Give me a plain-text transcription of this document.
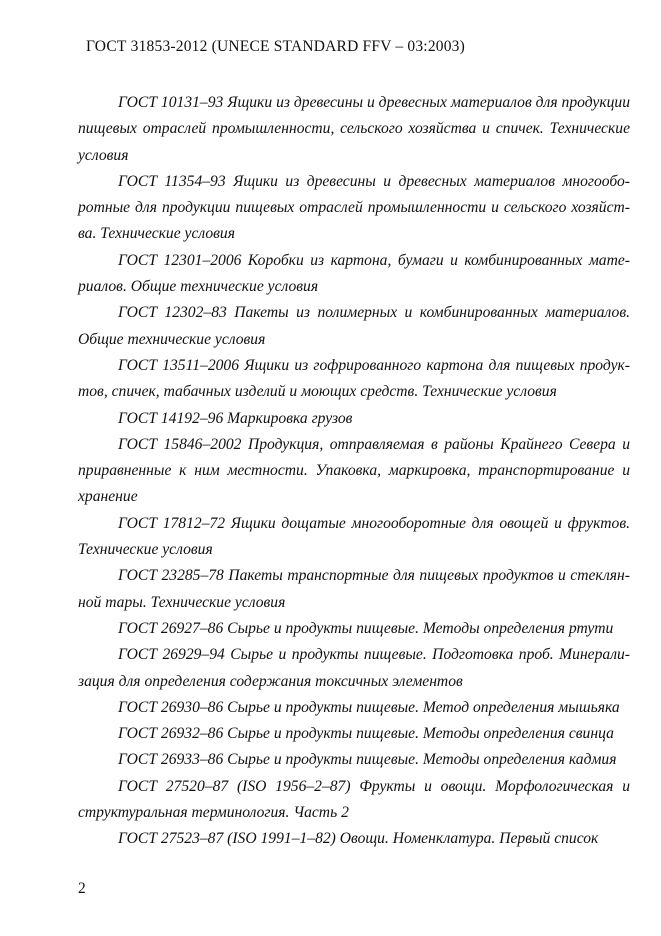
ГОСТ 31853-2012 (UNECE STANDARD FFV – 03:2003)

ГОСТ 10131–93 Ящики из древесины и древесных материалов для продукции пищевых отраслей промышленности, сельского хозяйства и спичек. Технические условия

ГОСТ 11354–93 Ящики из древесины и древесных материалов многооборотные для продукции пищевых отраслей промышленности и сельского хозяйства. Технические условия

ГОСТ 12301–2006 Коробки из картона, бумаги и комбинированных материалов. Общие технические условия

ГОСТ 12302–83 Пакеты из полимерных и комбинированных материалов. Общие технические условия

ГОСТ 13511–2006 Ящики из гофрированного картона для пищевых продуктов, спичек, табачных изделий и моющих средств. Технические условия

ГОСТ 14192–96 Маркировка грузов

ГОСТ 15846–2002 Продукция, отправляемая в районы Крайнего Севера и приравненные к ним местности. Упаковка, маркировка, транспортирование и хранение

ГОСТ 17812–72 Ящики дощатые многооборотные для овощей и фруктов. Технические условия

ГОСТ 23285–78 Пакеты транспортные для пищевых продуктов и стеклянной тары. Технические условия

ГОСТ 26927–86 Сырье и продукты пищевые. Методы определения ртути

ГОСТ 26929–94 Сырье и продукты пищевые. Подготовка проб. Минерализация для определения содержания токсичных элементов

ГОСТ 26930–86 Сырье и продукты пищевые. Метод определения мышьяка

ГОСТ 26932–86 Сырье и продукты пищевые. Методы определения свинца

ГОСТ 26933–86 Сырье и продукты пищевые. Методы определения кадмия

ГОСТ 27520–87 (ISO 1956–2–87) Фрукты и овощи. Морфологическая и структуральная терминология. Часть 2

ГОСТ 27523–87 (ISO 1991–1–82) Овощи. Номенклатура. Первый список

2
